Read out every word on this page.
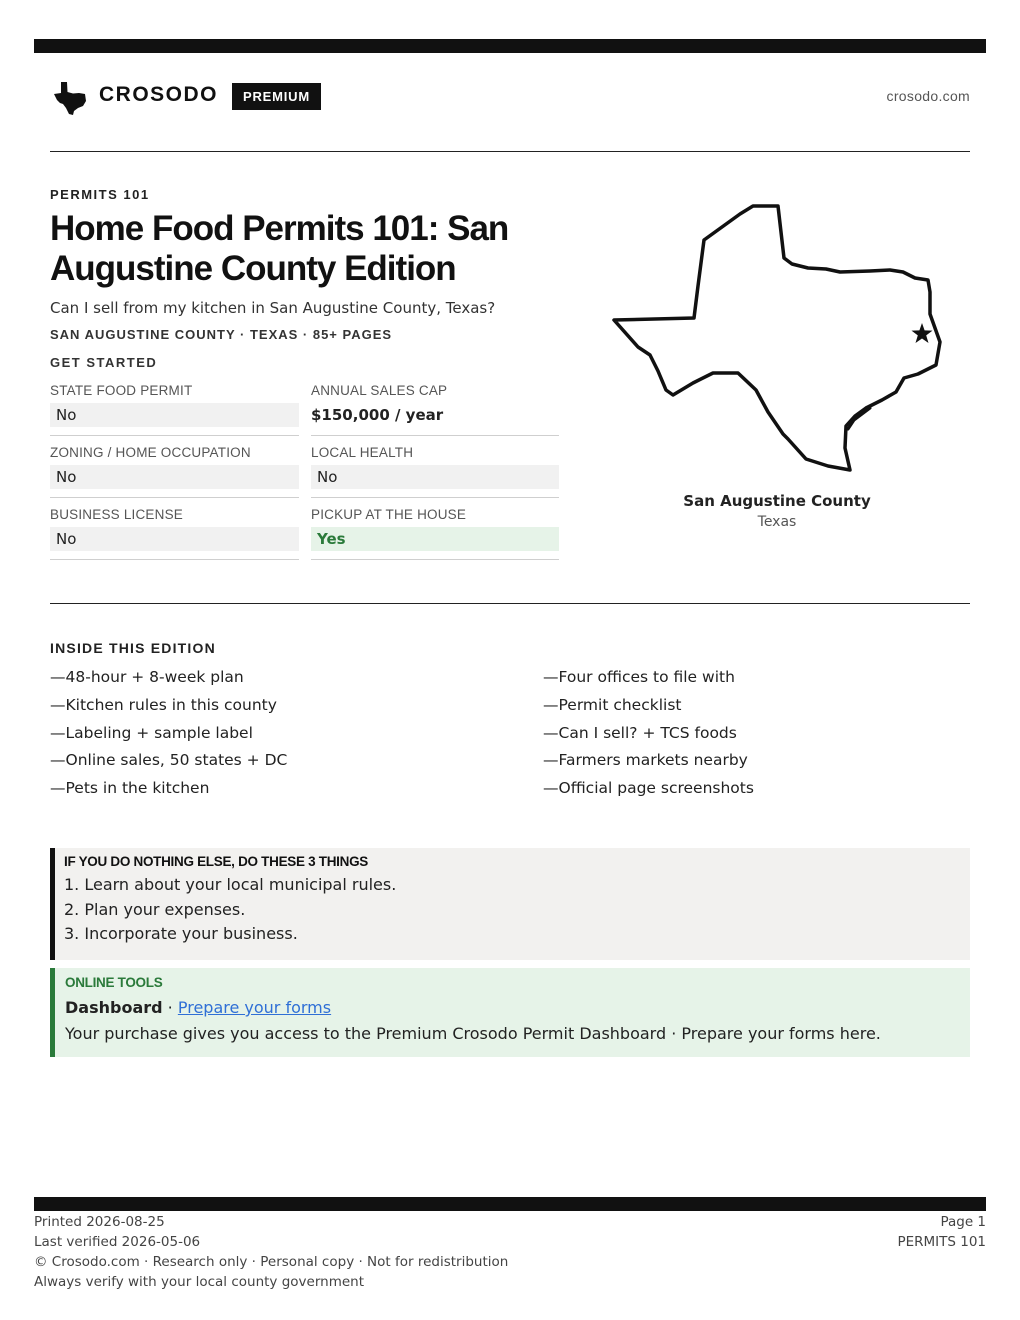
CROSODO	PREMIUM	crosodo.com
PERMITS 101
Home Food Permits 101: San Augustine County Edition
Can I sell from my kitchen in San Augustine County, Texas?
SAN AUGUSTINE COUNTY · TEXAS · 85+ PAGES
GET STARTED
STATE FOOD PERMIT
No
ANNUAL SALES CAP
$150,000 / year
ZONING / HOME OCCUPATION
No
LOCAL HEALTH
No
BUSINESS LICENSE
No
PICKUP AT THE HOUSE
Yes
San Augustine County
Texas
INSIDE THIS EDITION
—48-hour + 8-week plan
—Kitchen rules in this county
—Labeling + sample label
—Online sales, 50 states + DC
—Pets in the kitchen
—Four offices to file with
—Permit checklist
—Can I sell? + TCS foods
—Farmers markets nearby
—Official page screenshots
IF YOU DO NOTHING ELSE, DO THESE 3 THINGS
1. Learn about your local municipal rules.
2. Plan your expenses.
3. Incorporate your business.
ONLINE TOOLS
Dashboard · Prepare your forms
Your purchase gives you access to the Premium Crosodo Permit Dashboard · Prepare your forms here.
Printed 2026-08-25
Last verified 2026-05-06
© Crosodo.com · Research only · Personal copy · Not for redistribution
Always verify with your local county government
Page 1
PERMITS 101
